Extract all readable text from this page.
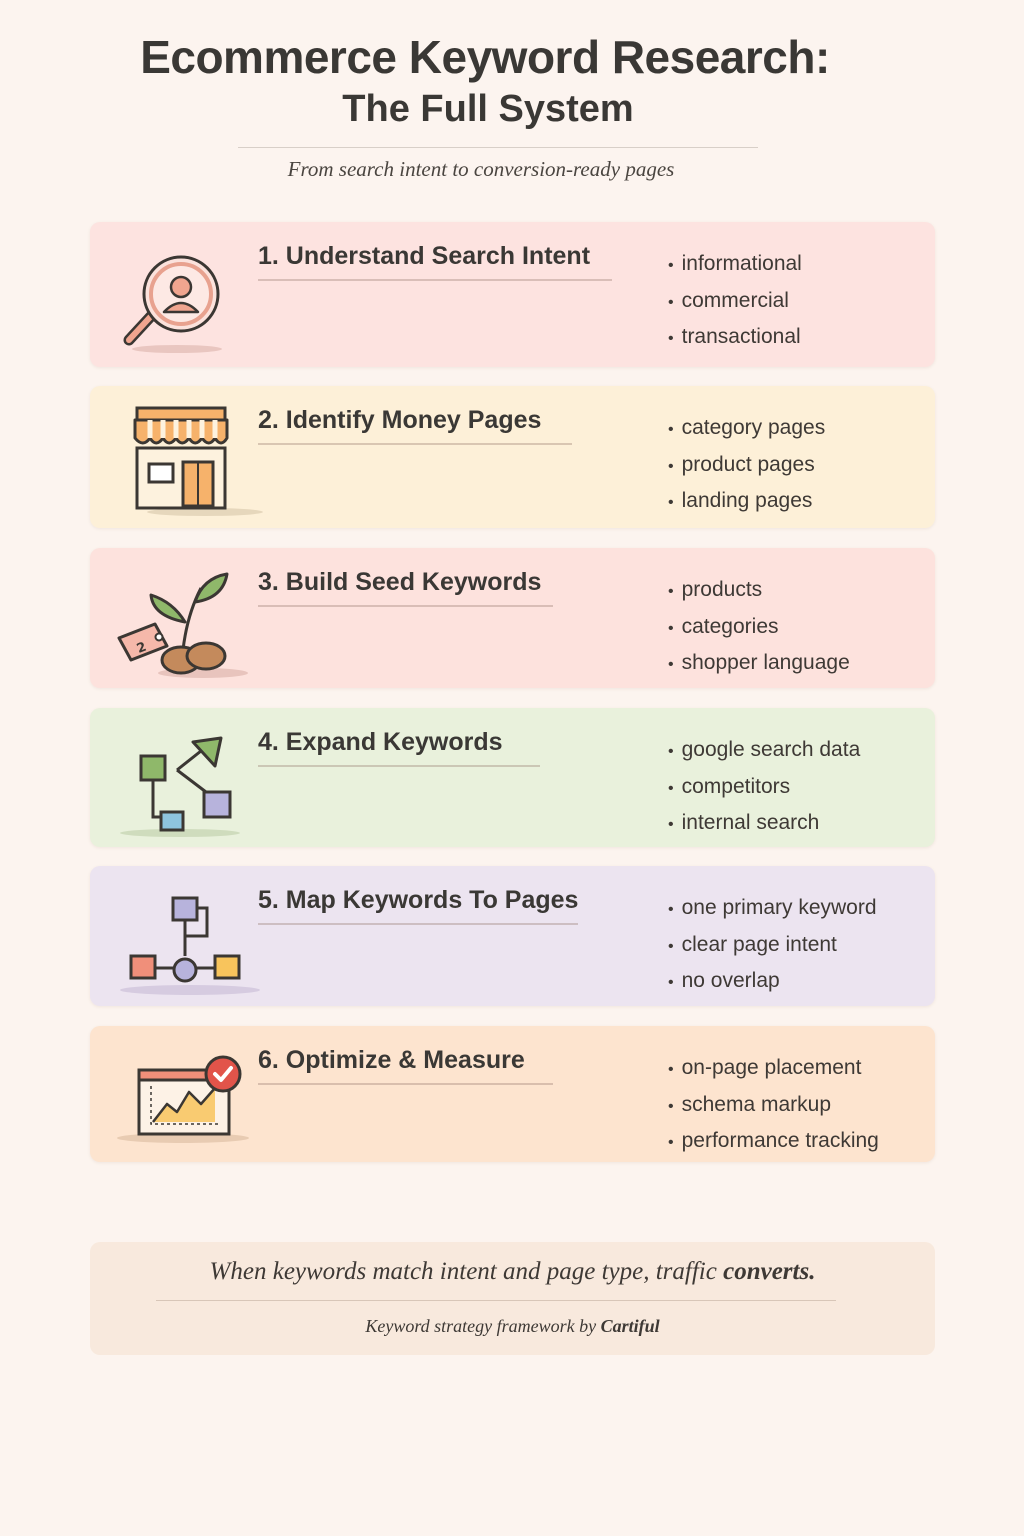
Ecommerce Keyword Research:
The Full System
From search intent to conversion-ready pages
1. Understand Search Intent	• informational
• commercial
• transactional
2. Identify Money Pages	• category pages
• product pages
• landing pages
2
3. Build Seed Keywords	• products
• categories
• shopper language
4. Expand Keywords	• google search data
• competitors
• internal search
5. Map Keywords To Pages	• one primary keyword
• clear page intent
• no overlap
6. Optimize & Measure	• on-page placement
• schema markup
• performance tracking
When keywords match intent and page type, traffic converts.
Keyword strategy framework by Cartiful
